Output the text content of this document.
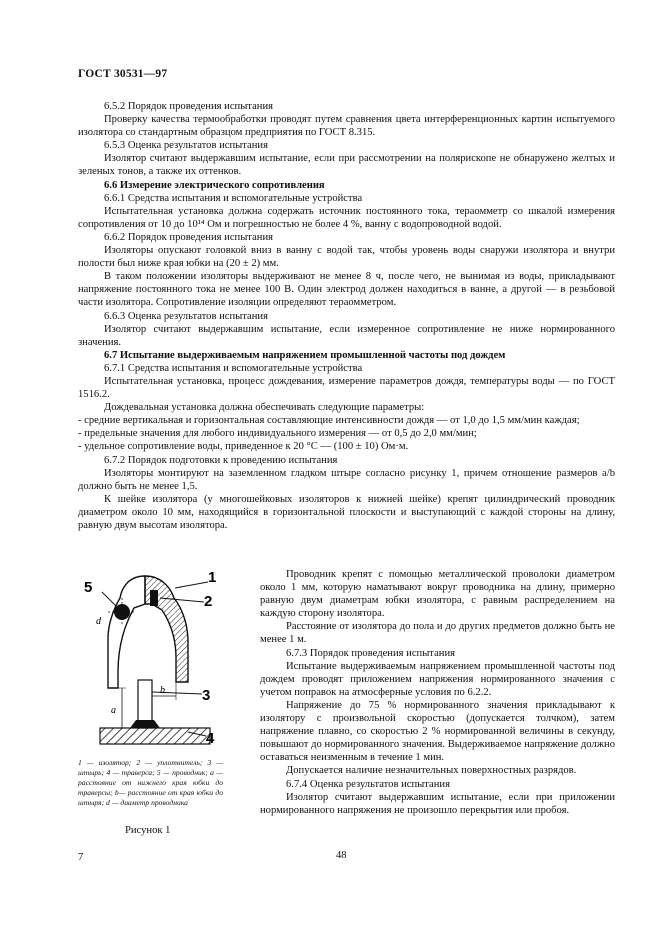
ГОСТ 30531—97

6.5.2 Порядок проведения испытания

Проверку качества термообработки проводят путем сравнения цвета интерференционных картин испытуемого изолятора со стандартным образцом предприятия по ГОСТ 8.315.

6.5.3 Оценка результатов испытания

Изолятор считают выдержавшим испытание, если при рассмотрении на полярископе не обнаружено желтых и зеленых тонов, а также их оттенков.

6.6 Измерение электрического сопротивления

6.6.1 Средства испытания и вспомогательные устройства

Испытательная установка должна содержать источник постоянного тока, тераомметр со шкалой измерения сопротивления от 10 до 10¹⁴ Ом и погрешностью не более 4 %, ванну с водопроводной водой.

6.6.2 Порядок проведения испытания

Изоляторы опускают головкой вниз в ванну с водой так, чтобы уровень воды снаружи изолятора и внутри полости был ниже края юбки на (20 ± 2) мм.

В таком положении изоляторы выдерживают не менее 8 ч, после чего, не вынимая из воды, прикладывают напряжение постоянного тока не менее 100 В. Один электрод должен находиться в ванне, а другой — в резьбовой части изолятора. Сопротивление изоляции определяют тераомметром.

6.6.3 Оценка результатов испытания

Изолятор считают выдержавшим испытание, если измеренное сопротивление не ниже нормированного значения.

6.7 Испытание выдерживаемым напряжением промышленной частоты под дождем

6.7.1 Средства испытания и вспомогательные устройства

Испытательная установка, процесс дождевания, измерение параметров дождя, температуры воды — по ГОСТ 1516.2.

Дождевальная установка должна обеспечивать следующие параметры:

- средние вертикальная и горизонтальная составляющие интенсивности дождя — от 1,0 до 1,5 мм/мин каждая;

- предельные значения для любого индивидуального измерения — от 0,5 до 2,0 мм/мин;

- удельное сопротивление воды, приведенное к 20 °С — (100 ± 10) Ом·м.

6.7.2 Порядок подготовки к проведению испытания

Изоляторы монтируют на заземленном гладком штыре согласно рисунку 1, причем отношение размеров a/b должно быть не менее 1,5.

К шейке изолятора (у многошейковых изоляторов к нижней шейке) крепят цилиндрический проводник диаметром около 10 мм, находящийся в горизонтальной плоскости и выступающий с каждой стороны на длину, равную двум высотам изолятора.

1
2
3
4
5
a
b
d
1 — изолятор; 2 — уплотнитель; 3 — штырь; 4 — траверса; 5 — проводник; a — расстояние от нижнего края юбки до траверсы; b— расстояние от края юбки до штыря; d — диаметр проводника
Рисунок 1

Проводник крепят с помощью металлической проволоки диаметром около 1 мм, которую наматывают вокруг проводника на длину, примерно равную двум диаметрам юбки изолятора, с равным распределением на каждую сторону изолятора.

Расстояние от изолятора до пола и до других предметов должно быть не менее 1 м.

6.7.3 Порядок проведения испытания

Испытание выдерживаемым напряжением промышленной частоты под дождем проводят приложением напряжения нормированного значения с учетом поправок на атмосферные условия по 6.2.2.

Напряжение до 75 % нормированного значения прикладывают к изолятору с произвольной скоростью (допускается толчком), затем напряжение плавно, со скоростью 2 % нормированной величины в секунду, повышают до нормированного значения. Выдерживаемое напряжение должно оставаться неизменным в течение 1 мин.

Допускается наличие незначительных поверхностных разрядов.

6.7.4 Оценка результатов испытания

Изолятор считают выдержавшим испытание, если при приложении нормированного напряжения не произошло перекрытия или пробоя.

7	48
